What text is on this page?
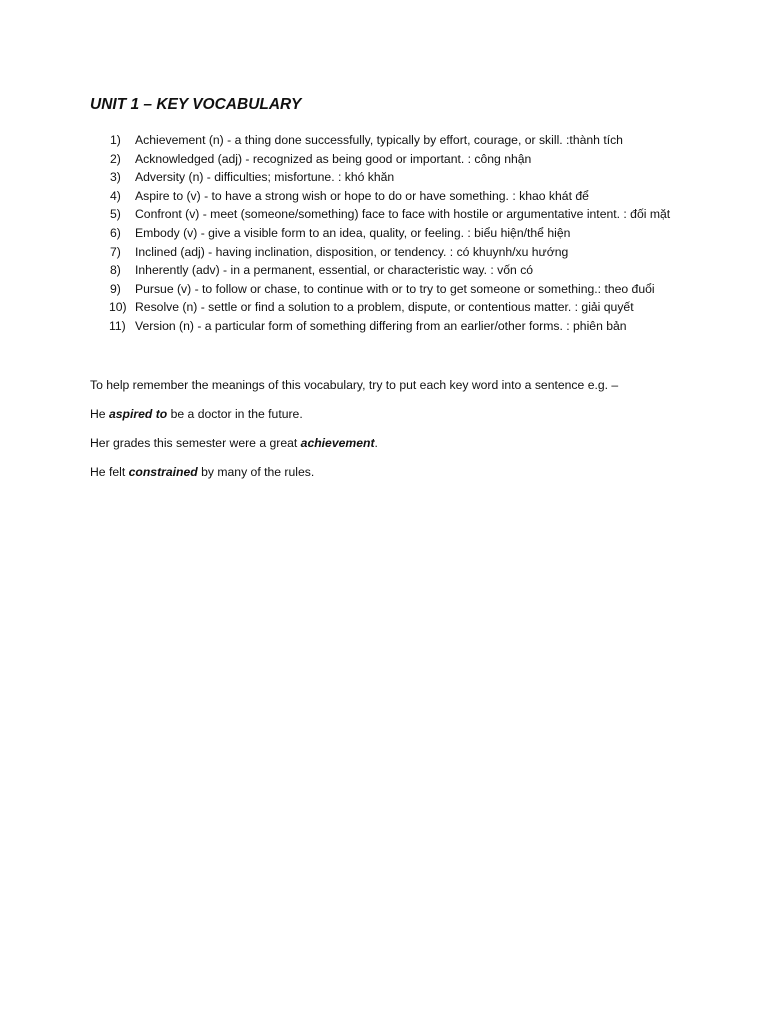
UNIT 1 – KEY VOCABULARY
1)	Achievement (n) - a thing done successfully, typically by effort, courage, or skill. :thành tích
2)	Acknowledged (adj) - recognized as being good or important. : công nhận
3)	Adversity (n) - difficulties; misfortune. : khó khăn
4)	Aspire to (v) - to have a strong wish or hope to do or have something. : khao khát để
5)	Confront (v) - meet (someone/something) face to face with hostile or argumentative intent. : đối mặt
6)	Embody (v) - give a visible form to an idea, quality, or feeling. : biểu hiện/thể hiện
7)	Inclined (adj) - having inclination, disposition, or tendency. : có khuynh/xu hướng
8)	Inherently (adv) - in a permanent, essential, or characteristic way. : vốn có
9)	Pursue (v) - to follow or chase, to continue with or to try to get someone or something.: theo đuổi
10) Resolve (n) - settle or find a solution to a problem, dispute, or contentious matter. : giải quyết
11) Version (n) - a particular form of something differing from an earlier/other forms. : phiên bản

To help remember the meanings of this vocabulary, try to put each key word into a sentence e.g. –

He aspired to be a doctor in the future.

Her grades this semester were a great achievement.

He felt constrained by many of the rules.
